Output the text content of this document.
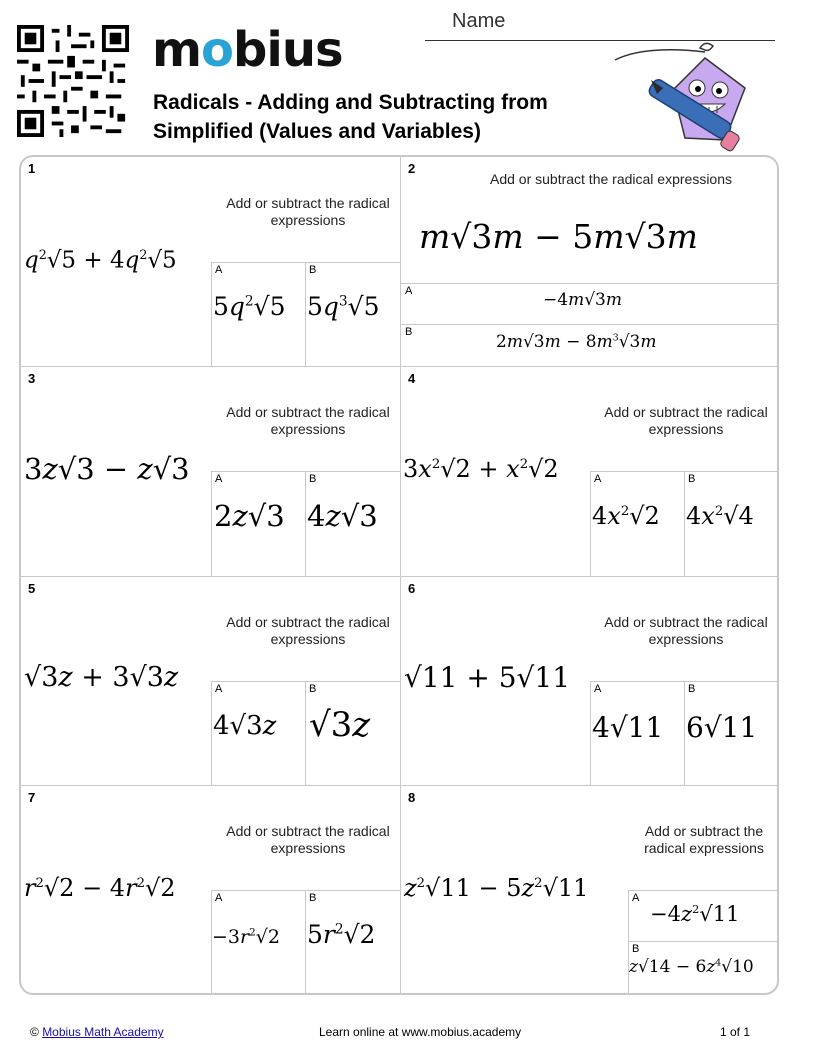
mobius
Radicals - Adding and Subtracting from Simplified (Values and Variables)
Name
1
Add or subtract the radical expressions
$q^2√5 + 4q^2√5$	A
$5q^2√5$
B
$5q^3√5$
2
Add or subtract the radical expressions
m√3m − 5m√3m
A	−4m√3m
B	$2m√3m - 8m^3√3m$
3
Add or subtract the radical expressions
3z√3 − z√3 A
2z√3
B
4z√3
4
Add or subtract the radical expressions
$3x^2√2 + x^2√2$	A
$4x^2√2$
B
$4x^2√4$
5
Add or subtract the radical expressions
√3z + 3√3z	A
4√3z
B
√3z
6
Add or subtract the radical expressions
√11 + 5√11 A
4√11
B
6√11
7
Add or subtract the radical expressions
$r^2√2 - 4r^2√2$	A
$-3r^2√2$
B
$5r^2√2$
8
Add or subtract the radical expressions
$z^2√11 - 5z^2√11$	A
$-4z^2√11$
B
$z√14 - 6z^4√10$
© Mobius Math Academy	Learn online at www.mobius.academy	1 of 1
